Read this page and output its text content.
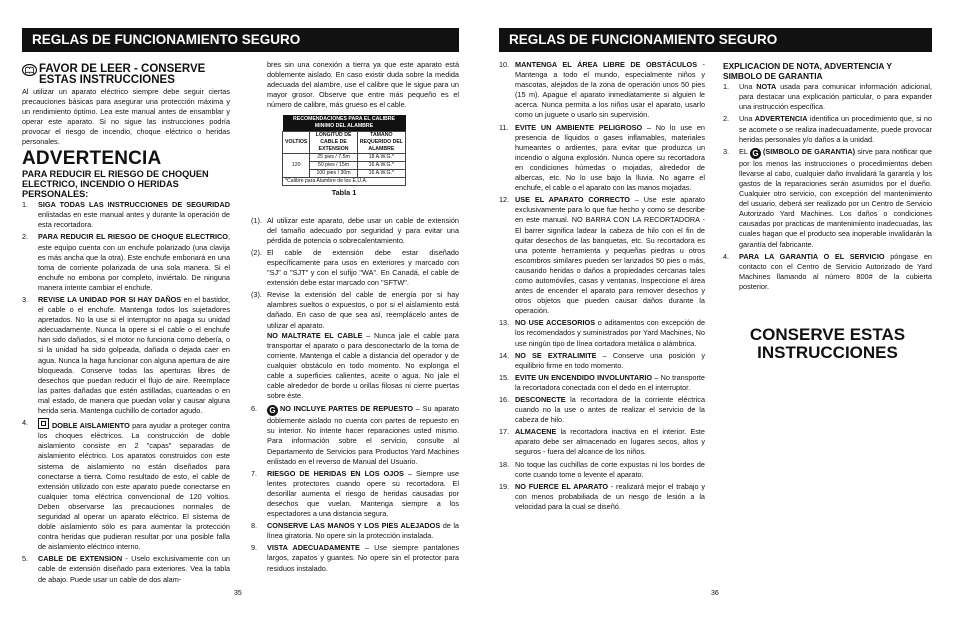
REGLAS DE FUNCIONAMIENTO SEGURO
FAVOR DE LEER - CONSERVE ESTAS INSTRUCCIONES

Al utilizar un aparato eléctrico siempre debe seguir ciertas precauciones básicas para asegurar una protección máxima y un rendimiento óptimo. Lea este manual antes de ensamblar y operar este aparato. Si no sigue las instrucciones podría provocar el riesgo de incendio, choque eléctrico o heridas personales.

ADVERTENCIA
PARA REDUCIR EL RIESGO DE CHOQUEN ELECTRICO, INCENDIO O HERIDAS PERSONALES:
1. SIGA TODAS LAS INSTRUCCIONES DE SEGURIDAD enlistadas en este manual antes y durante la operación de esta recortadora.
2. PARA REDUCIR EL RIESGO DE CHOQUE ELECTRICO, este equipo cuenta con un enchufe polarizado (una clavija es más ancha que la otra). Este enchufe embonará en una toma de corriente polarizada de una sola manera. Si el enchufe no embona por completo, inviértalo. De ninguna manera intente cambiar el enchufe.
3. REVISE LA UNIDAD POR SI HAY DAÑOS en el bastidor, el cable o el enchufe. Mantenga todos los sujetadores apretados. No la use si el interruptor no apaga su unidad adecuadamente. Nunca la opere si el cable o el enchufe han sido dañados, si el motor no funciona como debería, o si la unidad ha sido golpeada, dañada o dejada caer en agua. Nunca la haga funcionar con alguna apertura de aire bloqueada. Conserve todas las aperturas libres de desechos que puedan reducir el flujo de aire. Reemplace las partes dañadas que estén astilladas, cuarteadas o en mal estado, de manera que puedan volar y causar alguna herida seria. Mantenga cuchillo de cortador agudo.
4.	DOBLE AISLAMIENTO para ayudar a proteger contra los choques eléctricos. La construcción de doble aislamiento consiste en 2 "capas" separadas de aislamiento eléctrico. Los aparatos construidos con este sistema de aislamiento no están diseñados para conectarse a tierra. Como resultado de esto, el cable de extensión utilizado con este aparato puede conectarse en cualquier toma eléctrica convencional de 120 voltios. Deben observarse las precauciones normales de seguridad al operar un aparato eléctrico. El sistema de doble aislamiento sólo es para aumentar la protección contra heridas que pudieran resultar por una posible falla de aislamiento eléctrico interno.
5. CABLE DE EXTENSION - Uselo exclusivamente con un cable de extensión diseñado para exteriores. Vea la tabla de abajo. Puede usar un cable de dos alam-

bres sin una conexión a tierra ya que este aparato está doblemente aislado. En caso existir duda sobre la medida adecuada del alambre, use el calibre que le sigue para un mayor grosor. Observe que entre más pequeño es el número de calibre, más grueso es el cable.

RECOMENDACIONES PARA EL CALIBRE MINIMO DEL ALAMBRE		
VOLTIOS	LONGITUD DE CABLE DE EXTENSION	TAMAÑO REQUERIDO DEL ALAMBRE
120	25 pies / 7.5m	18 A.W.G.*
	50 pies / 15m	16 A.W.G.*
	100 pies / 30m	16 A.W.G.*
*Calibre para Alambre de los E.U.A.		
Tabla 1
(1). Al utilizar este aparato, debe usar un cable de extensión del tamaño adecuado por seguridad y para evitar una pérdida de potencia o sobrecalentamiento.
(2). El cable de extensión debe estar diseñado específicamente para usos en exteriores y marcado con "SJ" o "SJT" y con el sufijo "WA". En Canadá, el cable de extensión debe estar marcado con "SFTW".
(3). Revise la extensión del cable de energía por si hay alambres sueltos o expuestos, o por si el aislamiento está dañado. En caso de que sea así, reemplácelo antes de utilizar el aparato.
NO MALTRATE EL CABLE – Nunca jale el cable para transportar el aparato o para desconectarlo de la toma de corriente. Mantenga el cable a distancia del operador y de cualquier obstáculo en todo momento. No explonga el cable a superficies calientes, aceite o agua. No jale el cable alrededor de borde u orillas filosas ni cierre puertas sobre éste.
6. G NO INCLUYE PARTES DE REPUESTO – Su aparato doblemente aislado no cuenta con partes de repuesto en su interior. No intente hacer reparaciones usted mismo. Para información sobre el servicio, consulte al Departamento de Servicios para Productos Yard Machines enlistado en el reverso de Manual del Usuario.
7. RIESGO DE HERIDAS EN LOS OJOS – Siempre use lentes protectores cuando opere su recortadora. El desorillar aumenta el riesgo de heridas causadas por desechos que vuelan. Mantenga siempre a los espectadores a una distancia segura.
8. CONSERVE LAS MANOS Y LOS PIES ALEJADOS de la línea giratoria. No opere sin la protección instalada.
9. VISTA ADECUADAMENTE – Use siempre pantalones largos, zapatos y guantes. No opere sin el protector para residuos instalado.
35
REGLAS DE FUNCIONAMIENTO SEGURO
10. MANTENGA EL ÁREA LIBRE DE OBSTÁCULOS - Mantenga a todo el mundo, especialmente niños y mascotas, alejados de la zona de operación unos 50 pies (15 m). Apague el aparato inmediatamente si alguien le acerca. Nunca permita a los niños usar el aparato, usarlo como un juguete o usarlo sin supervisión.
11. EVITE UN AMBIENTE PELIGROSO – No lo use en presencia de líquidos o gases inflamables, materiales humeantes o ardientes, para evitar que produzca un incendio o alguna explosión. Nunca opere su recortadora en condiciones húmedas o mojadas, alrededor de albercas, etc. No lo use bajo la lluvia. No agarre el enchufe, el cable o el aparato con las manos mojadas.
12. USE EL APARATO CORRECTO – Use este aparato exclusivamente para lo que fue hecho y como se describe en este manual. NO BARRA CON LA RECORTADORA - El barrer significa ladear la cabeza de hilo con el fin de quitar desechos de las banquetas, etc. Su recortadora es una potente herramienta y pequeñas piedras u otros escombros similares pueden ser lanzados 50 pies o más, causando heridas o daños a propiedades cercanas tales como automóviles, casas y ventanas. Inspeccione el área antes de encender el aparato para remover desechos y otros objetos que pueden causar daños durante la operación.
13. NO USE ACCESORIOS o aditamentos con excepción de los recomendados y suministrados por Yard Machines, No use ningún tipo de línea cortadora metálica o alámbrica.
14. NO SE EXTRALIMITE – Conserve una posición y equilibrio firme en todo momento.
15. EVITE UN ENCENDIDO INVOLUNTARIO – No transporte la recortadora conectada con el dedo en el interruptor.
16. DESCONECTE la recortadora de la corriente eléctrica cuando no la use o antes de realizar el servicio de la cabeza de hilo.
17. ALMACENE la recortadora inactiva en el interior. Este aparato debe ser almacenado en lugares secos, altos y seguros - fuera del alcance de los niños.
18. No toque las cuchillas de corte expustas ni los bordes de corte cuando tome o levente el aparato.
19. NO FUERCE EL APARATO - realizará mejor el trabajo y con menos probabiliada de un riesgo de lesión a la velocidad para la cual se diseñó.
EXPLICACION DE NOTA, ADVERTENCIA Y SIMBOLO DE GARANTIA
1. Una NOTA usada para comunicar información adicional, para destacar una explicación particular, o para expander una instrucción específica.
2. Una ADVERTENCIA identifica un procedimiento que, si no se acomete o se realiza inadecuadamente, puede provocar heridas personales y/o daños a la unidad.
3. EL G (SIMBOLO DE GARANTIA) sirve para notificar que por los menos las instrucciones o procedimientos deben llevarse al cabo, cualquier daño invalidará la garantía y los gastos de la reparaciones serán asumidos por el dueño. Cualquier otro servicio, con excepción del mantenimiento del usuario, deberá ser realizado por un Centro de Servicio Autorizado Yard Machines. Los daños o condiciones causadas por practicas de mantenimiento inadecuadas, las cuales hagan que el producto sea inoperable invalidarán la garantía del fabricante.
4. PARA LA GARANTIA O EL SERVICIO póngase en contacto con el Centro de Servicio Autorizado de Yard Machines llamando al número 800# de la cubierta posterior.
CONSERVE ESTAS
INSTRUCCIONES
36
